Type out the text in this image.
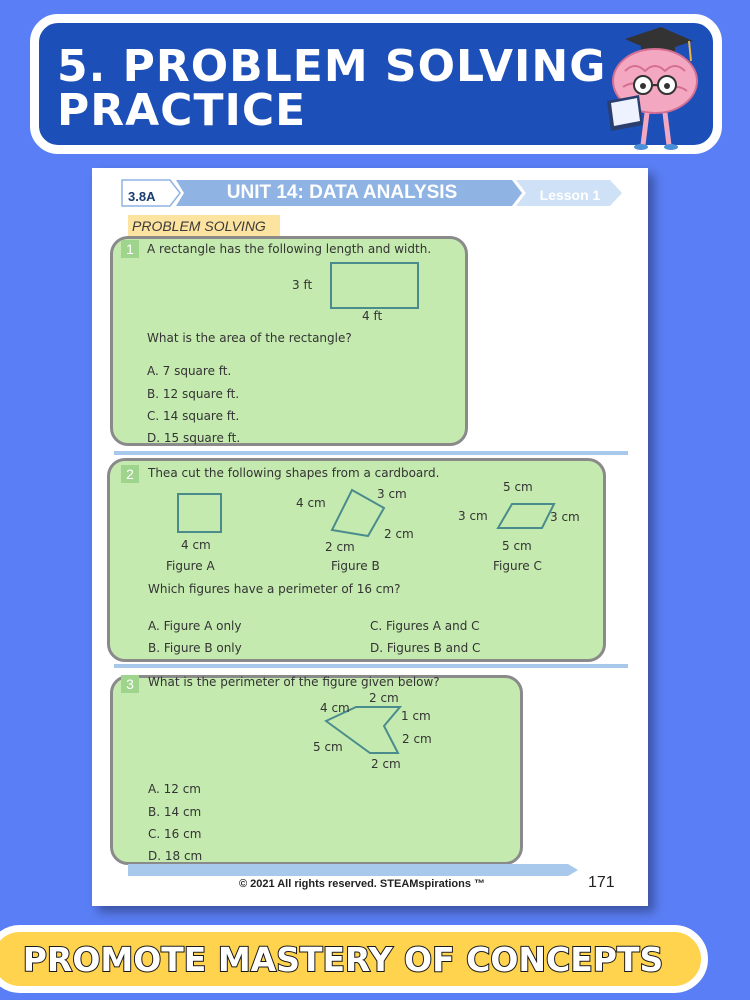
5. PROBLEM SOLVING
PRACTICE
3.8A	UNIT 14: DATA ANALYSIS	Lesson 1
PROBLEM SOLVING
1	A rectangle has the following length and width.
3 ft
4 ft
What is the area of the rectangle?
A. 7 square ft.
B. 12 square ft.
C. 14 square ft.
D. 15 square ft.
2	Thea cut the following shapes from a cardboard.
4 cm
4 cm
3 cm
2 cm
2 cm
5 cm
3 cm	3 cm
5 cm
Figure A	Figure B	Figure C
Which figures have a perimeter of 16 cm?
A. Figure A only
B. Figure B only
C. Figures A and C
D. Figures B and C
3	What is the perimeter of the figure given below?
4 cm
2 cm
1 cm
2 cm
5 cm
2 cm
A. 12 cm
B. 14 cm
C. 16 cm
D. 18 cm
© 2021 All rights reserved. STEAMspirations ™	171
PROMOTE MASTERY OF CONCEPTS
